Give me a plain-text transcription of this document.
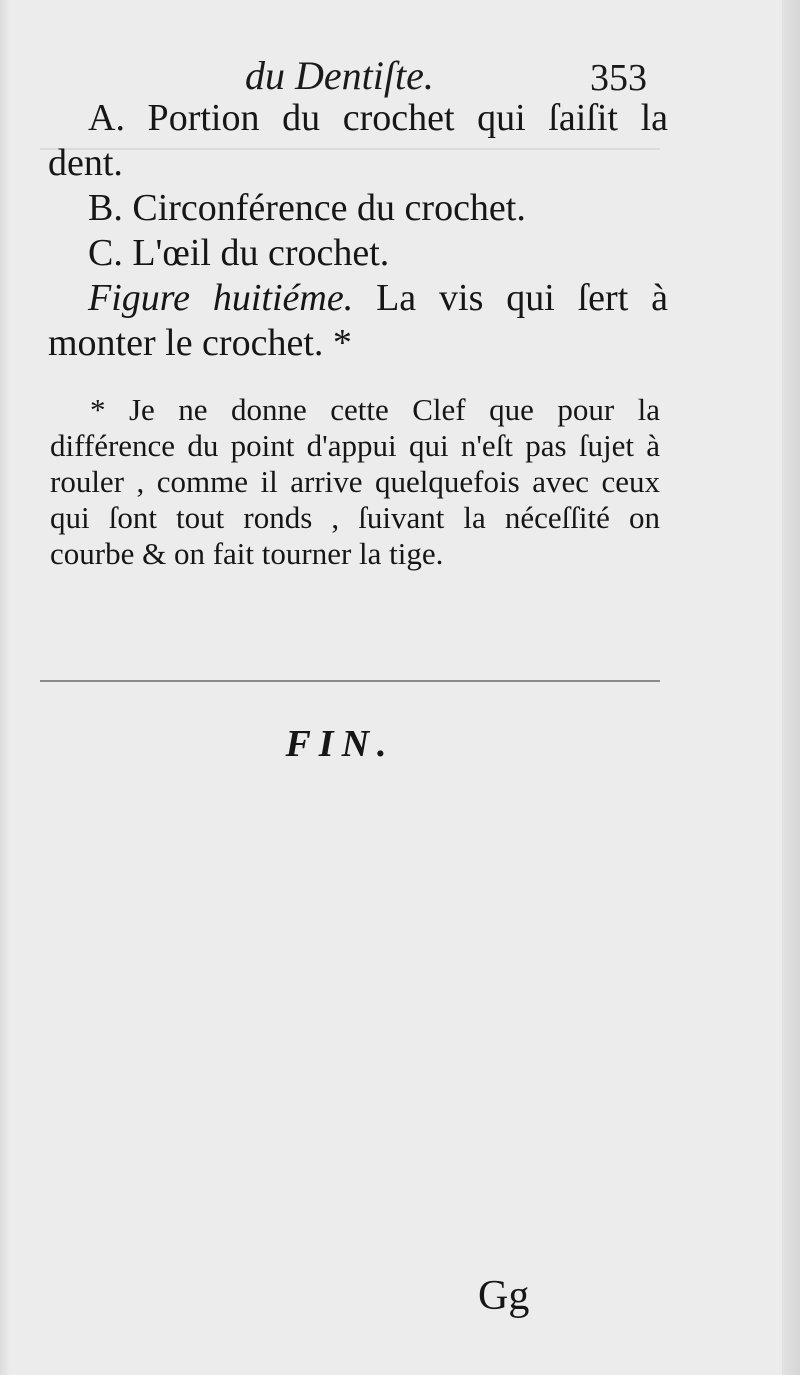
du Dentiſte.	353

A. Portion du crochet qui ſaiſit la

dent.

B. Circonférence du crochet.

C. L'œil du crochet.

Figure huitiéme. La vis qui ſert à

monter le crochet. *

* Je ne donne cette Clef que pour la différence du point d'appui qui n'eſt pas ſujet à rouler , comme il arrive quelquefois avec ceux qui ſont tout ronds , ſuivant la néceſſité on courbe & on fait tourner la tige.

FIN.
Gg
